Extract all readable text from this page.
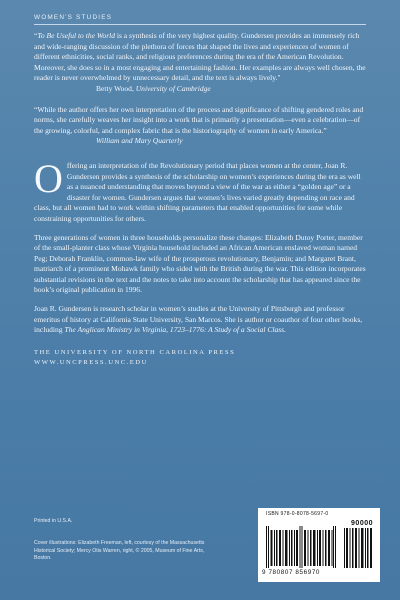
WOMEN'S STUDIES

“To Be Useful to the World is a synthesis of the very highest quality. Gundersen provides an immensely rich and wide-ranging discussion of the plethora of forces that shaped the lives and experiences of women of different ethnicities, social ranks, and religious preferences during the era of the American Revolution. Moreover, she does so in a most engaging and entertaining fashion. Her examples are always well chosen, the reader is never overwhelmed by unnecessary detail, and the text is always lively."

Betty Wood, University of Cambridge

“While the author offers her own interpretation of the process and significance of shifting gendered roles and norms, she carefully weaves her insight into a work that is primarily a presentation—even a celebration—of the growing, colorful, and complex fabric that is the historiography of women in early America.”

William and Mary Quarterly

Offering an interpretation of the Revolutionary period that places women at the center, Joan R. Gundersen provides a synthesis of the scholarship on women’s experiences during the era as well as a nuanced understanding that moves beyond a view of the war as either a “golden age” or a disaster for women. Gundersen argues that women’s lives varied greatly depending on race and class, but all women had to work within shifting parameters that enabled opportunities for some while constraining opportunities for others.

Three generations of women in three households personalize these changes: Elizabeth Dutoy Porter, member of the small-planter class whose Virginia household included an African American enslaved woman named Peg; Deborah Franklin, common-law wife of the prosperous revolutionary, Benjamin; and Margaret Brant, matriarch of a prominent Mohawk family who sided with the British during the war. This edition incorporates substantial revisions in the text and the notes to take into account the scholarship that has appeared since the book’s original publication in 1996.

Joan R. Gundersen is research scholar in women’s studies at the University of Pittsburgh and professor emeritus of history at California State University, San Marcos. She is author or coauthor of four other books, including The Anglican Ministry in Virginia, 1723–1776: A Study of a Social Class.

THE UNIVERSITY OF NORTH CAROLINA PRESS
WWW.UNCPRESS.UNC.EDU
Printed in U.S.A.
Cover illustrations: Elizabeth Freeman, left, courtesy of the Massachusetts Historical Society; Mercy Otis Warren, right, © 2005, Museum of Fine Arts, Boston.
ISBN 978-0-8078-5697-0
90000
9 780807 856970
